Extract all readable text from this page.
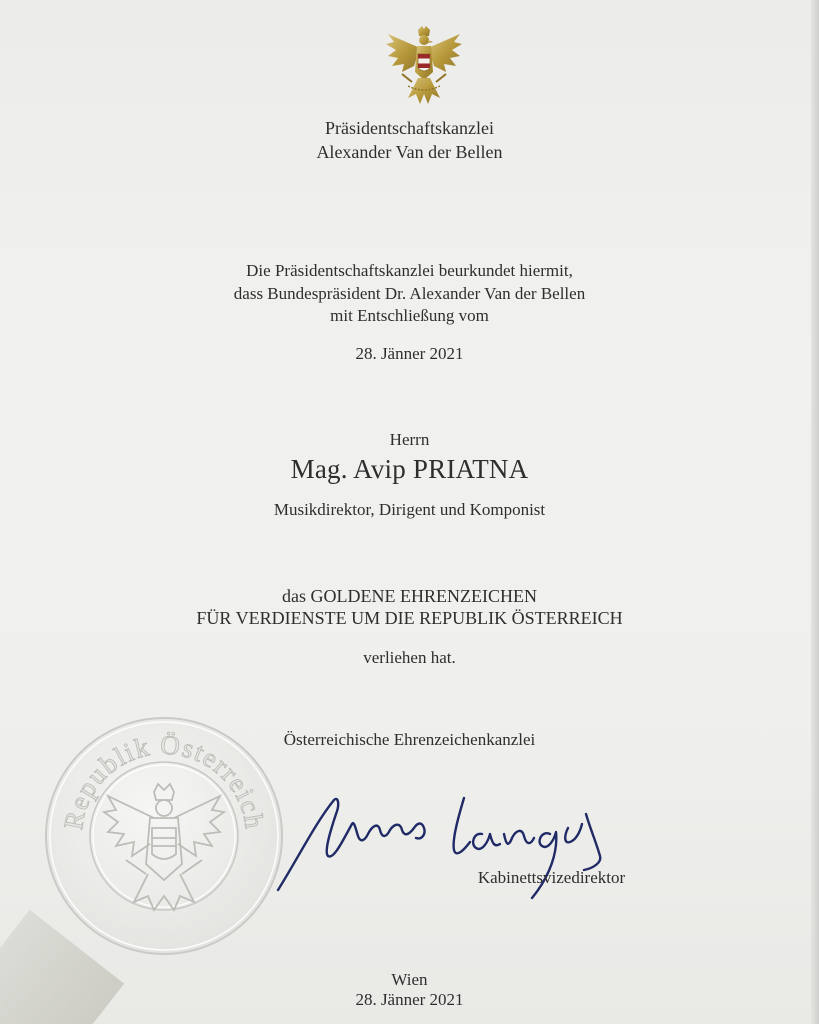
Präsidentschaftskanzlei
Alexander Van der Bellen
Die Präsidentschaftskanzlei beurkundet hiermit,
dass Bundespräsident Dr. Alexander Van der Bellen
mit Entschließung vom
28. Jänner 2021
Herrn
Mag. Avip PRIATNA
Musikdirektor, Dirigent und Komponist
das GOLDENE EHRENZEICHEN
FÜR VERDIENSTE UM DIE REPUBLIK ÖSTERREICH
verliehen hat.
Österreichische Ehrenzeichenkanzlei
Republik Österreich
Kabinettsvizedirektor
Wien
28. Jänner 2021
